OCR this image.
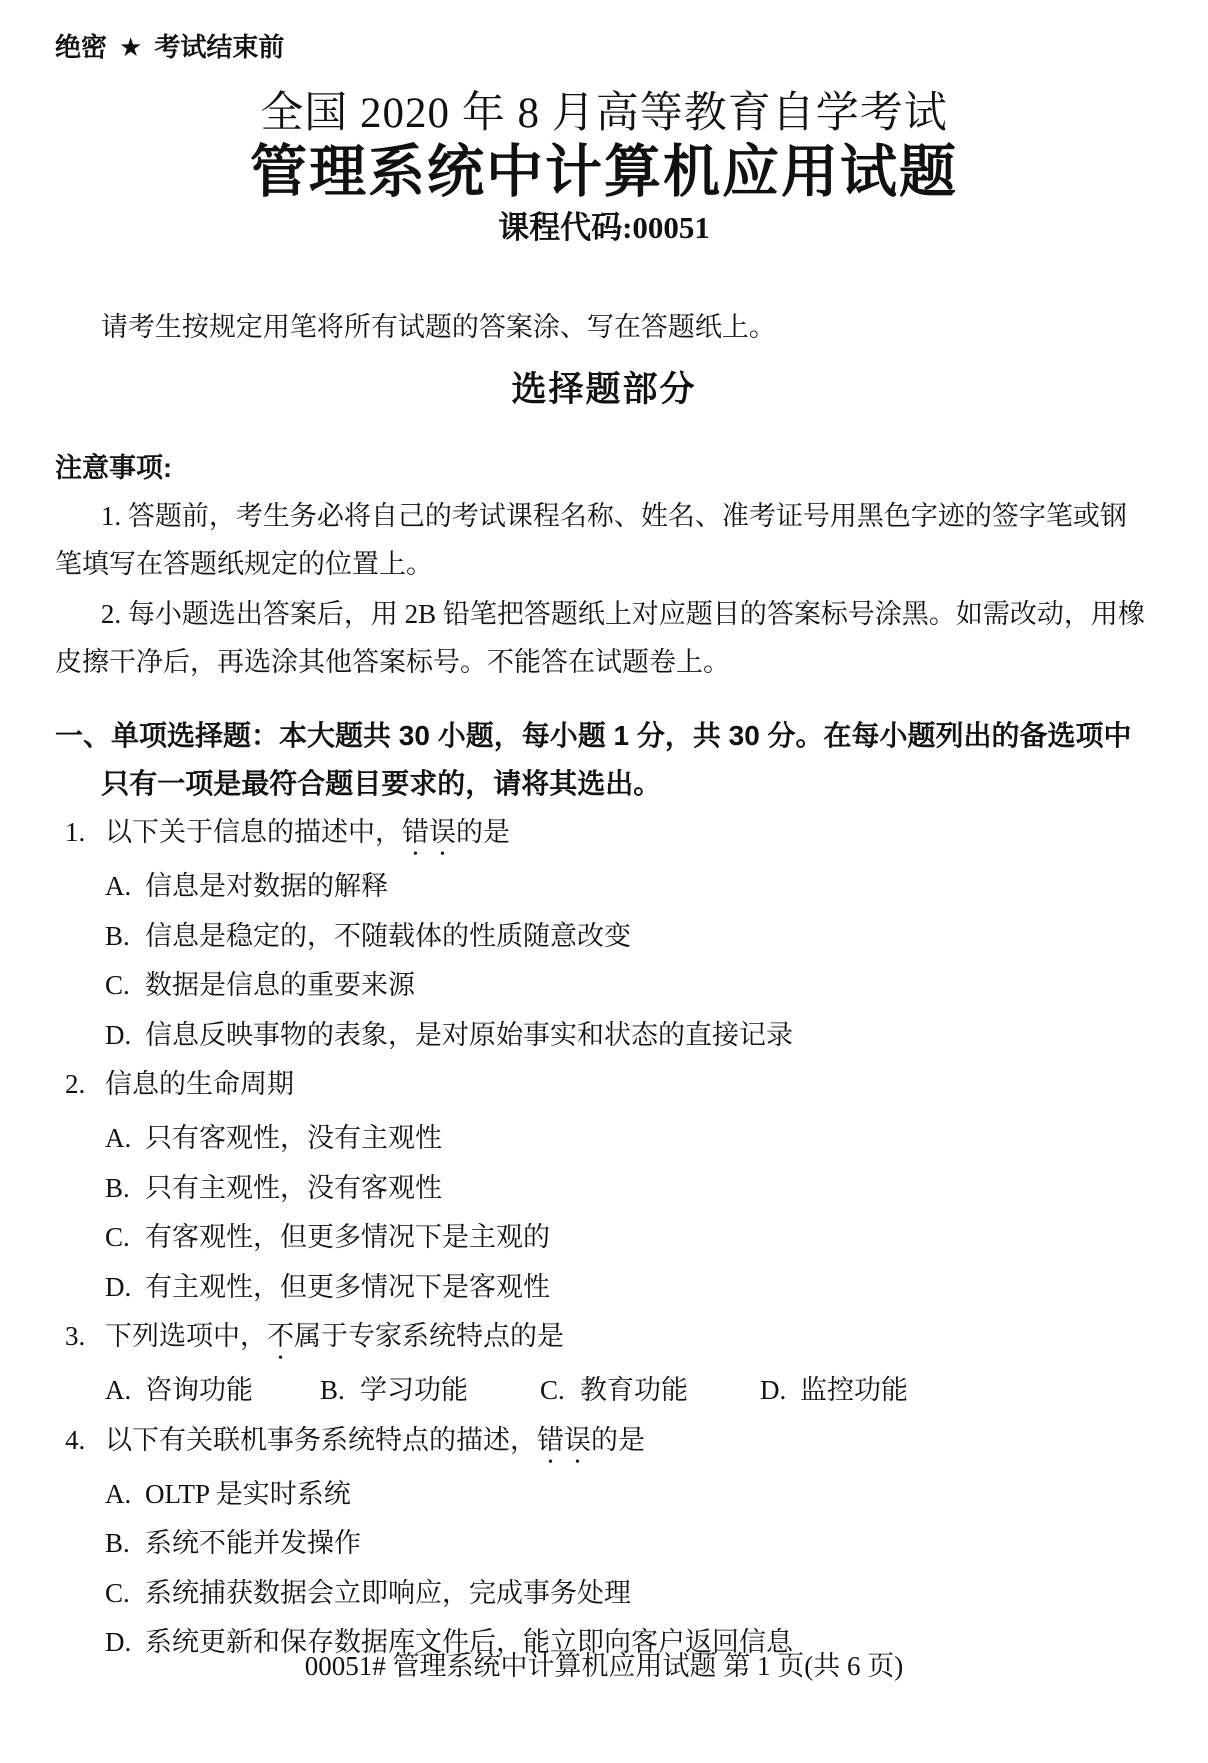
绝密 ★ 考试结束前
全国 2020 年 8 月高等教育自学考试
管理系统中计算机应用试题
课程代码:00051
请考生按规定用笔将所有试题的答案涂、写在答题纸上。
选择题部分
注意事项:

1. 答题前，考生务必将自己的考试课程名称、姓名、准考证号用黑色字迹的签字笔或钢笔填写在答题纸规定的位置上。

2. 每小题选出答案后，用 2B 铅笔把答题纸上对应题目的答案标号涂黑。如需改动，用橡皮擦干净后，再选涂其他答案标号。不能答在试题卷上。

一、单项选择题：本大题共 30 小题，每小题 1 分，共 30 分。在每小题列出的备选项中只有一项是最符合题目要求的，请将其选出。
1. 以下关于信息的描述中，错误的是
A. 信息是对数据的解释
B. 信息是稳定的，不随载体的性质随意改变
C. 数据是信息的重要来源
D. 信息反映事物的表象，是对原始事实和状态的直接记录
2. 信息的生命周期
A. 只有客观性，没有主观性
B. 只有主观性，没有客观性
C. 有客观性，但更多情况下是主观的
D. 有主观性，但更多情况下是客观性
3. 下列选项中，不属于专家系统特点的是
A. 咨询功能 B. 学习功能	C. 教育功能	D. 监控功能
4. 以下有关联机事务系统特点的描述，错误的是
A. OLTP 是实时系统
B. 系统不能并发操作
C. 系统捕获数据会立即响应，完成事务处理
D. 系统更新和保存数据库文件后，能立即向客户返回信息
00051# 管理系统中计算机应用试题 第 1 页(共 6 页)
